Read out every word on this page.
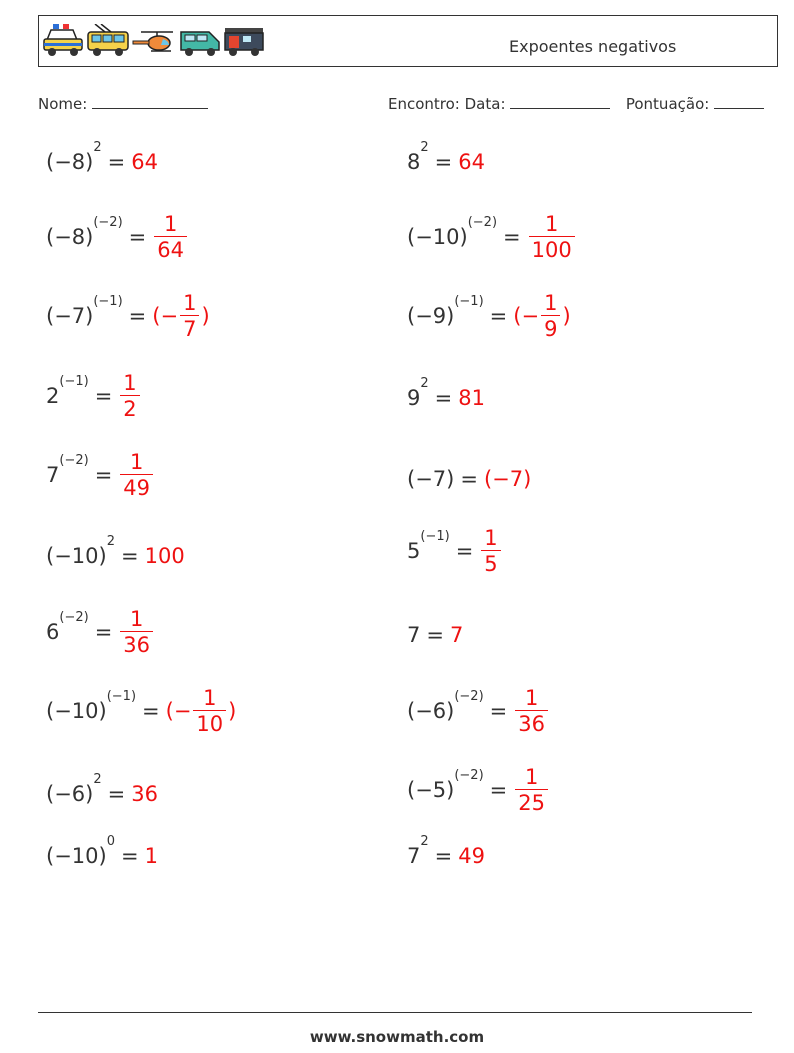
Expoentes negativos
Nome:	Encontro: Data:	Pontuação:
$(-8)^2$
= 64
$(-8)^{(-2)}$
= $\frac{1}{64}$
$(-7)^{(-1)}$
= (− $\frac{1}{7}$ )
$2^{(-1)}$
= $\frac{1}{2}$
$7^{(-2)}$
= $\frac{1}{49}$
$(-10)^2$
= 100
$6^{(-2)}$
= $\frac{1}{36}$
$(-10)^{(-1)}$
= (− $\frac{1}{10}$ )
$(-6)^2$
= 36
$(-10)^0$
= 1
$8^2$
= 64
$(-10)^{(-2)}$
= $\frac{1}{100}$
$(-9)^{(-1)}$
= (− $\frac{1}{9}$ )
$9^2$
= 81
(−7) = (−7)
$5^{(-1)}$
= $\frac{1}{5}$
7 = 7
$(-6)^{(-2)}$
= $\frac{1}{36}$
$(-5)^{(-2)}$
= $\frac{1}{25}$
$7^2$
= 49
www.snowmath.com
